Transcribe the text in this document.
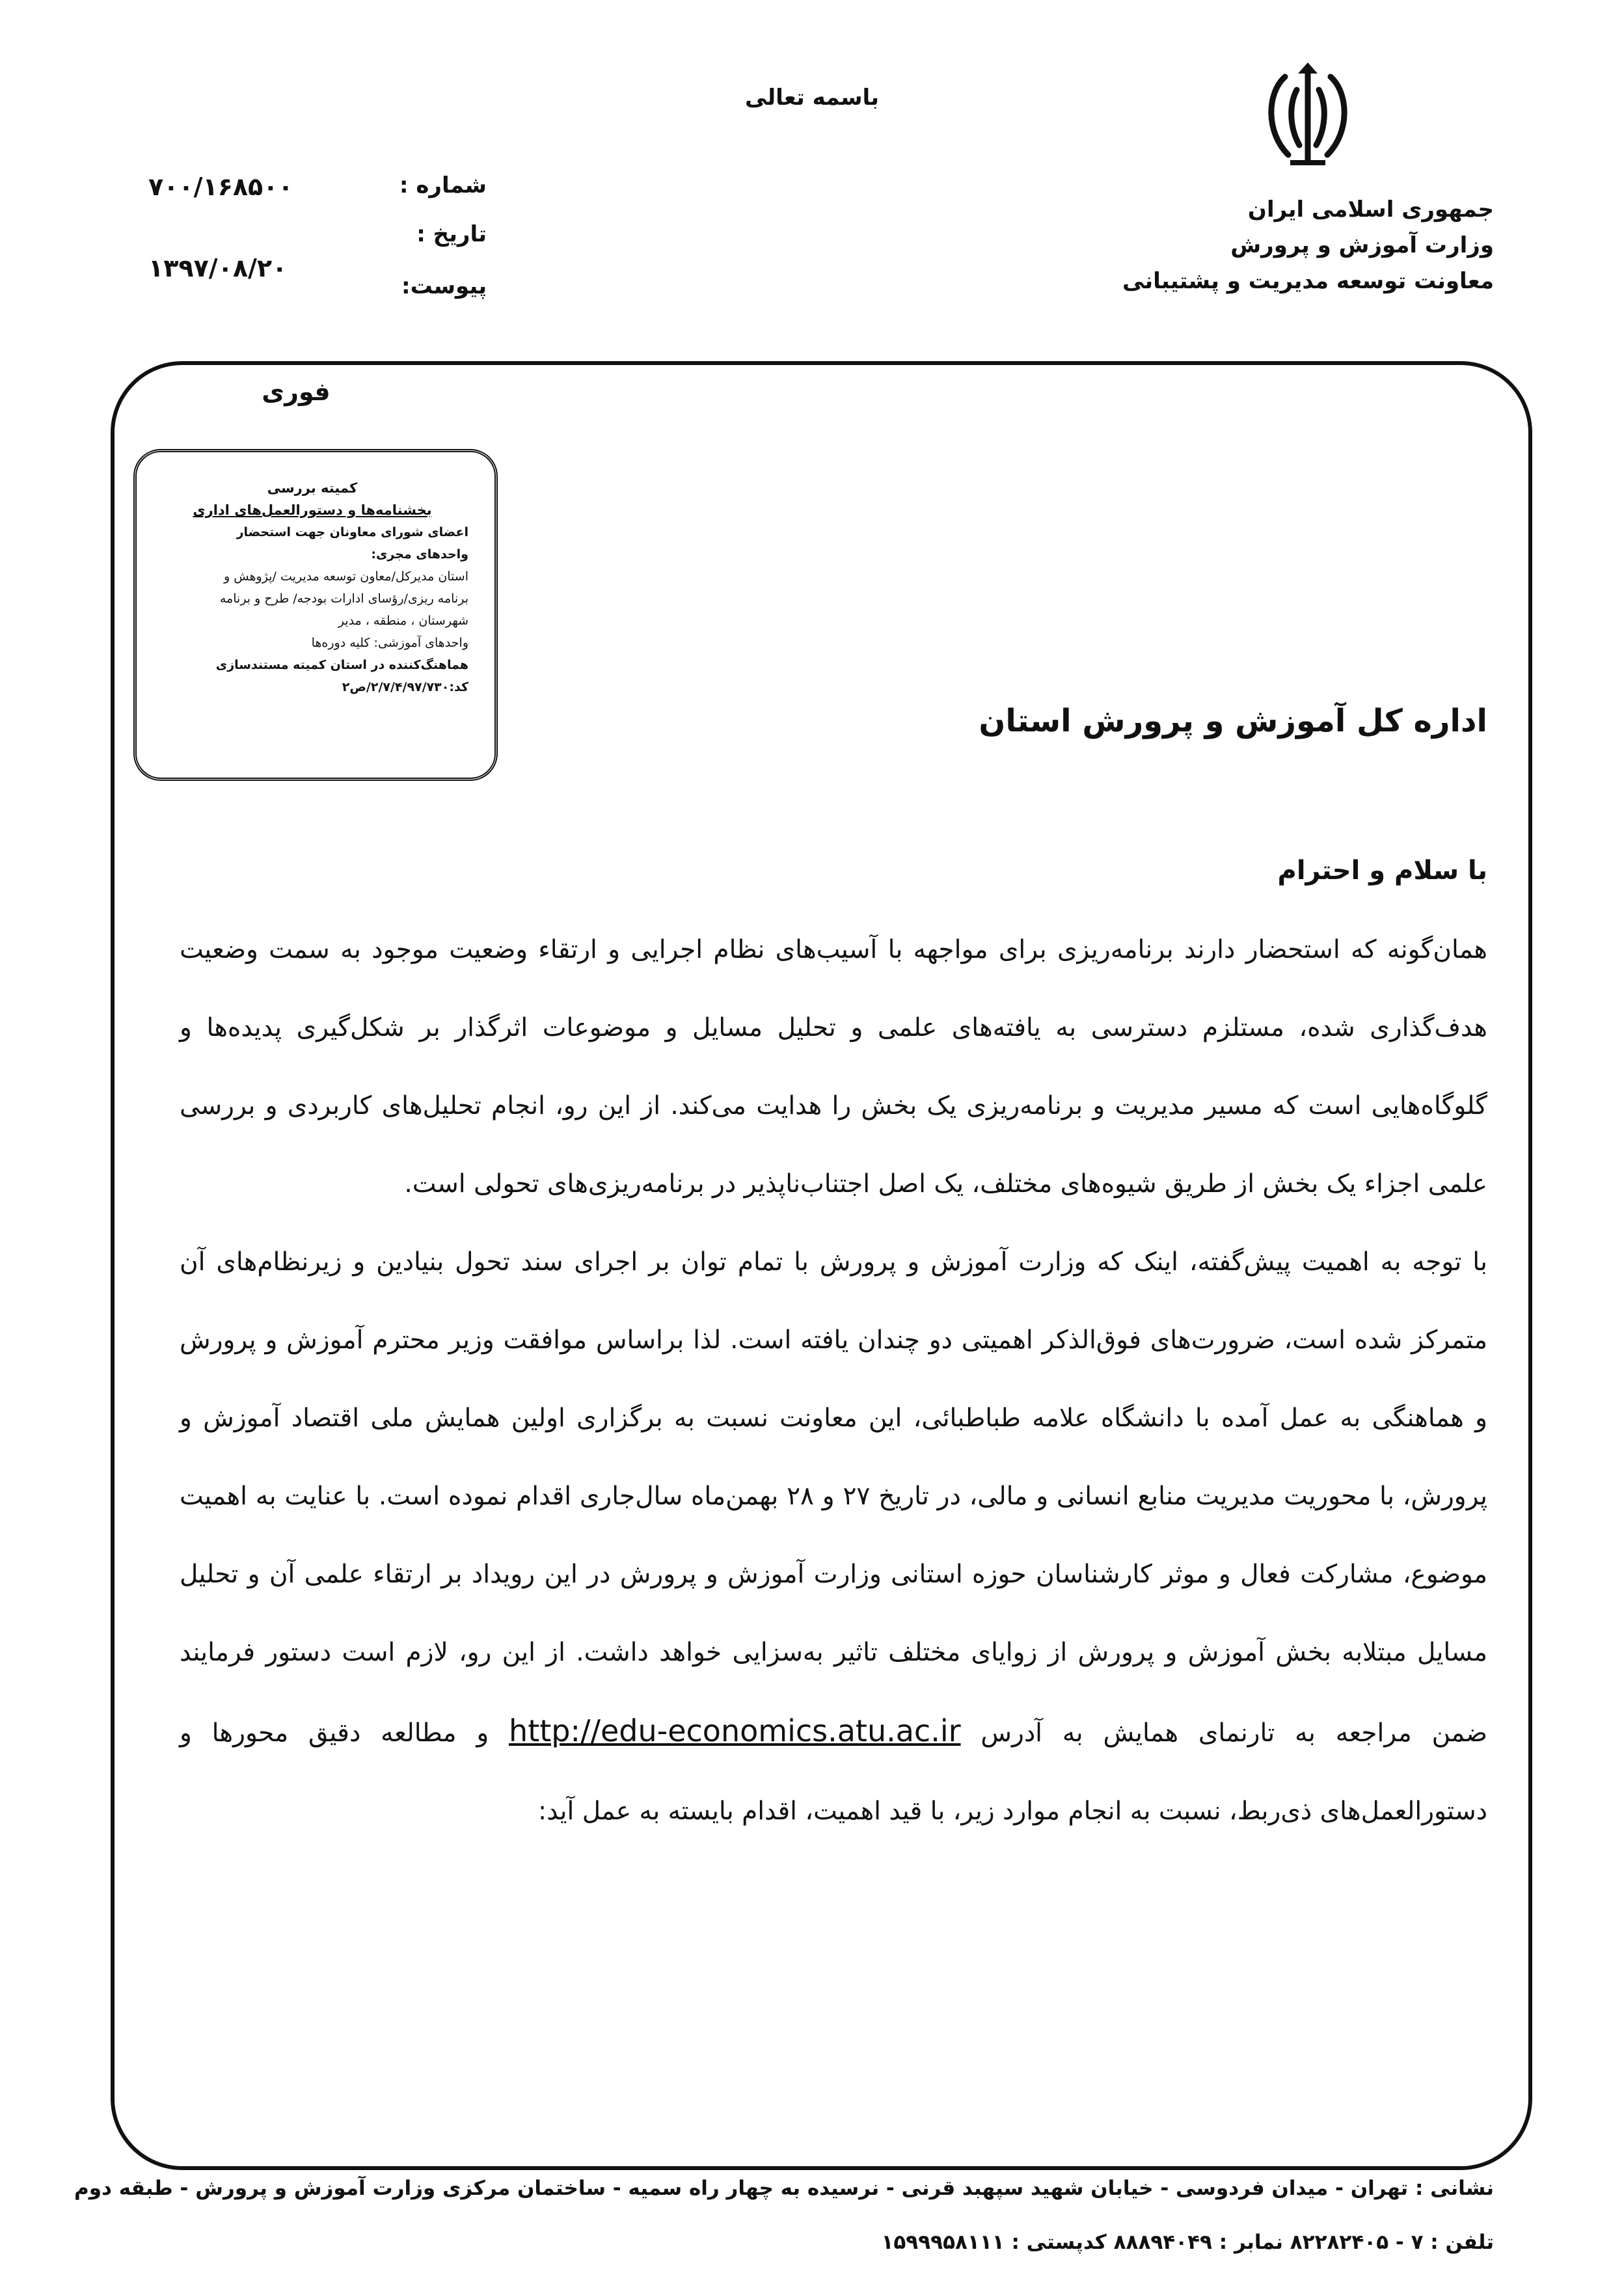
باسمه تعالی
جمهوری اسلامی ایران
وزارت آموزش و پرورش
معاونت توسعه مدیریت و پشتیبانی
شماره :
۷۰۰/۱۶۸۵۰۰
تاریخ :
۱۳۹۷/۰۸/۲۰
پیوست:
فوری
کمیته بررسی
بخشنامه‌ها و دستورالعمل‌های اداری
اعضای شورای معاونان جهت استحضار
واحدهای مجری:
استان مدیرکل/معاون توسعه مدیریت /پژوهش و
برنامه ریزی/رؤسای ادارات بودجه/ طرح و برنامه
شهرستان ، منطقه ، مدیر
واحدهای آموزشی: کلیه دوره‌ها
هماهنگ‌کننده در استان کمیته مستندسازی
کد:۲/۷/۴/۹۷/۷۳۰/ص۲
اداره کل آموزش و پرورش استان
با سلام و احترام

همان‌گونه که استحضار دارند برنامه‌ریزی برای مواجهه با آسیب‌های نظام اجرایی و ارتقاء وضعیت موجود به سمت وضعیت هدف‌گذاری شده، مستلزم دسترسی به یافته‌های علمی و تحلیل مسایل و موضوعات اثرگذار بر شکل‌گیری پدیده‌ها و گلوگاه‌هایی است که مسیر مدیریت و برنامه‌ریزی یک بخش را هدایت می‌کند. از این رو، انجام تحلیل‌های کاربردی و بررسی علمی اجزاء یک بخش از طریق شیوه‌های مختلف، یک اصل اجتناب‌ناپذیر در برنامه‌ریزی‌های تحولی است.

با توجه به اهمیت پیش‌گفته، اینک که وزارت آموزش و پرورش با تمام توان بر اجرای سند تحول بنیادین و زیرنظام‌های آن متمرکز شده است، ضرورت‌های فوق‌الذکر اهمیتی دو چندان یافته است. لذا براساس موافقت وزیر محترم آموزش و پرورش و هماهنگی به عمل آمده با دانشگاه علامه طباطبائی، این معاونت نسبت به برگزاری اولین همایش ملی اقتصاد آموزش و پرورش، با محوریت مدیریت منابع انسانی و مالی، در تاریخ ۲۷ و ۲۸ بهمن‌ماه سال‌جاری اقدام نموده است. با عنایت به اهمیت موضوع، مشارکت فعال و موثر کارشناسان حوزه استانی وزارت آموزش و پرورش در این رویداد بر ارتقاء علمی آن و تحلیل مسایل مبتلابه بخش آموزش و پرورش از زوایای مختلف تاثیر به‌سزایی خواهد داشت. از این رو، لازم است دستور فرمایند ضمن مراجعه به تارنمای همایش به آدرس http://edu-economics.atu.ac.ir و مطالعه دقیق محورها و دستورالعمل‌های ذی‌ربط، نسبت به انجام موارد زیر، با قید اهمیت، اقدام بایسته به عمل آید:

نشانی : تهران - میدان فردوسی - خیابان شهید سپهبد قرنی - نرسیده به چهار راه سمیه - ساختمان مرکزی وزارت آموزش و پرورش - طبقه دوم
تلفن : ۷ - ۸۲۲۸۲۴۰۵ نمابر : ۸۸۸۹۴۰۴۹ کدپستی : ۱۵۹۹۹۵۸۱۱۱
